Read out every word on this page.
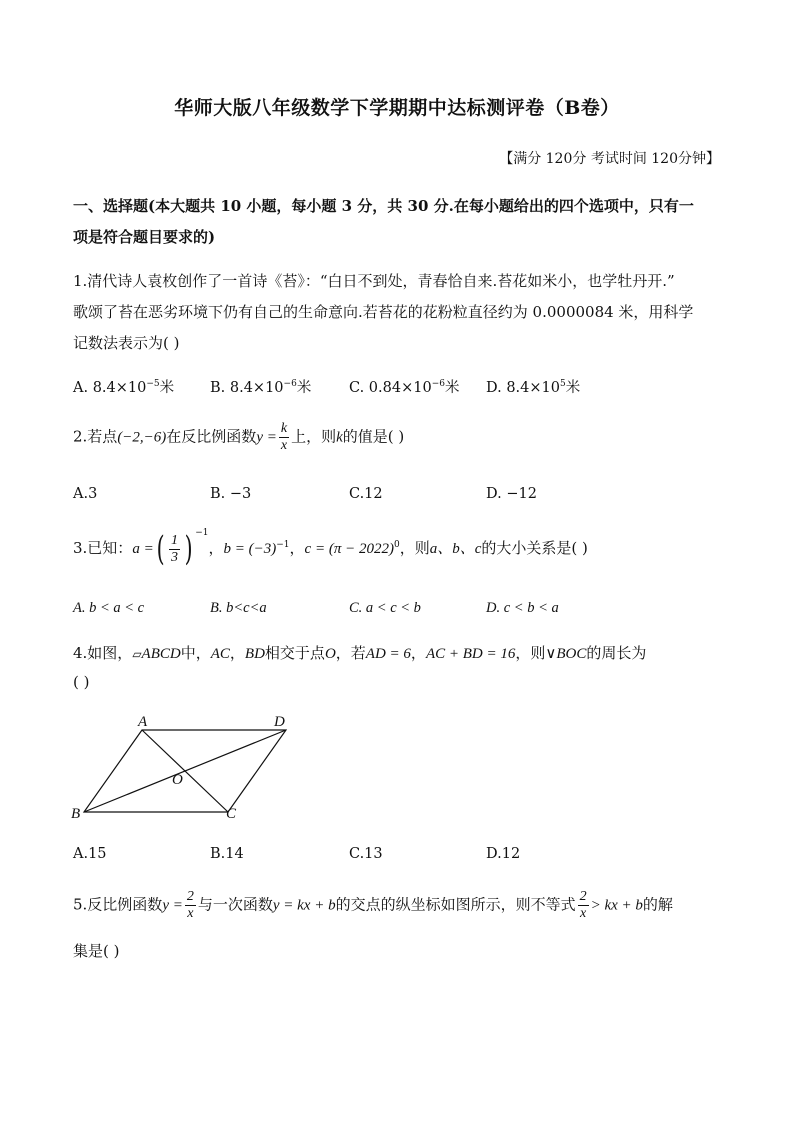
华师大版八年级数学下学期期中达标测评卷（B卷）
【满分 120分 考试时间 120分钟】
一、选择题(本大题共 10 小题，每小题 3 分，共 30 分.在每小题给出的四个选项中，只有一
项是符合题目要求的)
1.清代诗人袁枚创作了一首诗《苔》：“白日不到处，青春恰自来.苔花如米小，也学牡丹开.”
歌颂了苔在恶劣环境下仍有自己的生命意向.若苔花的花粉粒直径约为 0.0000084 米，用科学
记数法表示为( )
A. $8.4\times 10^{-5}$米 B. $8.4\times 10^{-6}$米	C. $0.84\times 10^{-6}$米 D. $8.4\times 10^5$米
2.若点(−2,−6)在反比例函数$y = \frac{k}{x}$ 上，则k的值是( )
A.3	B. −3	C.12	D. −12
3.已知：a =( $\frac{1}{3}$ ) $^{-1}$，$b = (-3)^{-1}$，$c = (\pi - 2022)^0$，则a、b、c的大小关系是( )
A. b < a < c	B. b<c<a	C. a < c < b	D. c < b < a
4.如图，▱ABCD中，AC，BD相交于点O，若AD = 6，AC + BD = 16，则∨BOC的周长为
( )
A	D
B	C
O
A.15	B.14	C.13	D.12
5.反比例函数$y = \frac{2}{x}$ 与一次函数y = kx + b的交点的纵坐标如图所示，则不等式 $\frac{2}{x}$ > kx + b的解
集是( )
